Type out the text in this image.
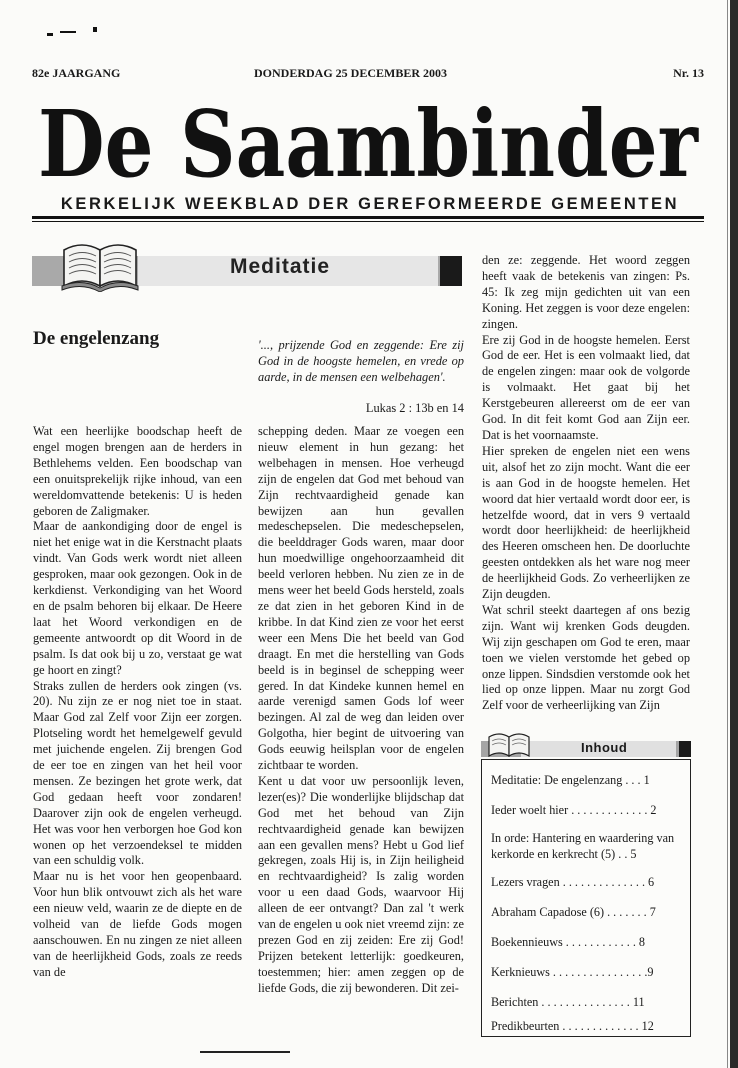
82e JAARGANG	DONDERDAG 25 DECEMBER 2003	Nr. 13
De Saambinder
KERKELIJK WEEKBLAD DER GEREFORMEERDE GEMEENTEN
Meditatie
De engelenzang	'..., prijzende God en zeggende: Ere zij God in de hoogste hemelen, en vrede op aarde, in de mensen een welbehagen'.
Lukas 2 : 13b en 14

Wat een heerlijke boodschap heeft de engel mogen brengen aan de herders in Bethlehems velden. Een boodschap van een onuitsprekelijk rijke inhoud, van een wereldomvattende betekenis: U is heden geboren de Zaligmaker.

Maar de aankondiging door de engel is niet het enige wat in die Kerstnacht plaats vindt. Van Gods werk wordt niet alleen gesproken, maar ook gezongen. Ook in de kerkdienst. Verkondiging van het Woord en de psalm behoren bij elkaar. De Heere laat het Woord verkondigen en de gemeente antwoordt op dit Woord in de psalm. Is dat ook bij u zo, verstaat ge wat ge hoort en zingt?

Straks zullen de herders ook zingen (vs. 20). Nu zijn ze er nog niet toe in staat. Maar God zal Zelf voor Zijn eer zorgen. Plotseling wordt het hemelgewelf gevuld met juichende engelen. Zij brengen God de eer toe en zingen van het heil voor mensen. Ze bezingen het grote werk, dat God gedaan heeft voor zondaren! Daarover zijn ook de engelen verheugd. Het was voor hen verborgen hoe God kon wonen op het verzoendeksel te midden van een schuldig volk.

Maar nu is het voor hen geopenbaard. Voor hun blik ontvouwt zich als het ware een nieuw veld, waarin ze de diepte en de volheid van de liefde Gods mogen aanschouwen. En nu zingen ze niet alleen van de heerlijkheid Gods, zoals ze reeds van de

schepping deden. Maar ze voegen een nieuw element in hun gezang: het welbehagen in mensen. Hoe verheugd zijn de engelen dat God met behoud van Zijn rechtvaardigheid genade kan bewijzen aan hun gevallen medeschepselen. Die medeschepselen, die beelddrager Gods waren, maar door hun moedwillige ongehoorzaamheid dit beeld verloren hebben. Nu zien ze in de mens weer het beeld Gods hersteld, zoals ze dat zien in het geboren Kind in de kribbe. In dat Kind zien ze voor het eerst weer een Mens Die het beeld van God draagt. En met die herstelling van Gods beeld is in beginsel de schepping weer gered. In dat Kindeke kunnen hemel en aarde verenigd samen Gods lof weer bezingen. Al zal de weg dan leiden over Golgotha, hier begint de uitvoering van Gods eeuwig heilsplan voor de engelen zichtbaar te worden.

Kent u dat voor uw persoonlijk leven, lezer(es)? Die wonderlijke blijdschap dat God met het behoud van Zijn rechtvaardigheid genade kan bewijzen aan een gevallen mens? Hebt u God lief gekregen, zoals Hij is, in Zijn heiligheid en rechtvaardigheid? Is zalig worden voor u een daad Gods, waarvoor Hij alleen de eer ontvangt? Dan zal 't werk van de engelen u ook niet vreemd zijn: ze prezen God en zij zeiden: Ere zij God! Prijzen betekent letterlijk: goedkeuren, toestemmen; hier: amen zeggen op de liefde Gods, die zij bewonderen. Dit zei-

den ze: zeggende. Het woord zeggen heeft vaak de betekenis van zingen: Ps. 45: Ik zeg mijn gedichten uit van een Koning. Het zeggen is voor deze engelen: zingen.

Ere zij God in de hoogste hemelen. Eerst God de eer. Het is een volmaakt lied, dat de engelen zingen: maar ook de volgorde is volmaakt. Het gaat bij het Kerstgebeuren allereerst om de eer van God. In dit feit komt God aan Zijn eer. Dat is het voornaamste.

Hier spreken de engelen niet een wens uit, alsof het zo zijn mocht. Want die eer is aan God in de hoogste hemelen. Het woord dat hier vertaald wordt door eer, is hetzelfde woord, dat in vers 9 vertaald wordt door heerlijkheid: de heerlijkheid des Heeren omscheen hen. De doorluchte geesten ontdekken als het ware nog meer de heerlijkheid Gods. Zo verheerlijken ze Zijn deugden.

Wat schril steekt daartegen af ons bezig zijn. Want wij krenken Gods deugden. Wij zijn geschapen om God te eren, maar toen we vielen verstomde het gebed op onze lippen. Sindsdien verstomde ook het lied op onze lippen. Maar nu zorgt God Zelf voor de verheerlijking van Zijn

Inhoud
Meditatie: De engelenzang . . . 1
Ieder woelt hier . . . . . . . . . . . . . 2
In orde: Hantering en waardering van kerkorde en kerkrecht (5) . . 5
Lezers vragen . . . . . . . . . . . . . . 6
Abraham Capadose (6) . . . . . . . 7
Boekennieuws . . . . . . . . . . . . 8
Kerknieuws . . . . . . . . . . . . . . . .9
Berichten . . . . . . . . . . . . . . . 11
Predikbeurten . . . . . . . . . . . . . 12
